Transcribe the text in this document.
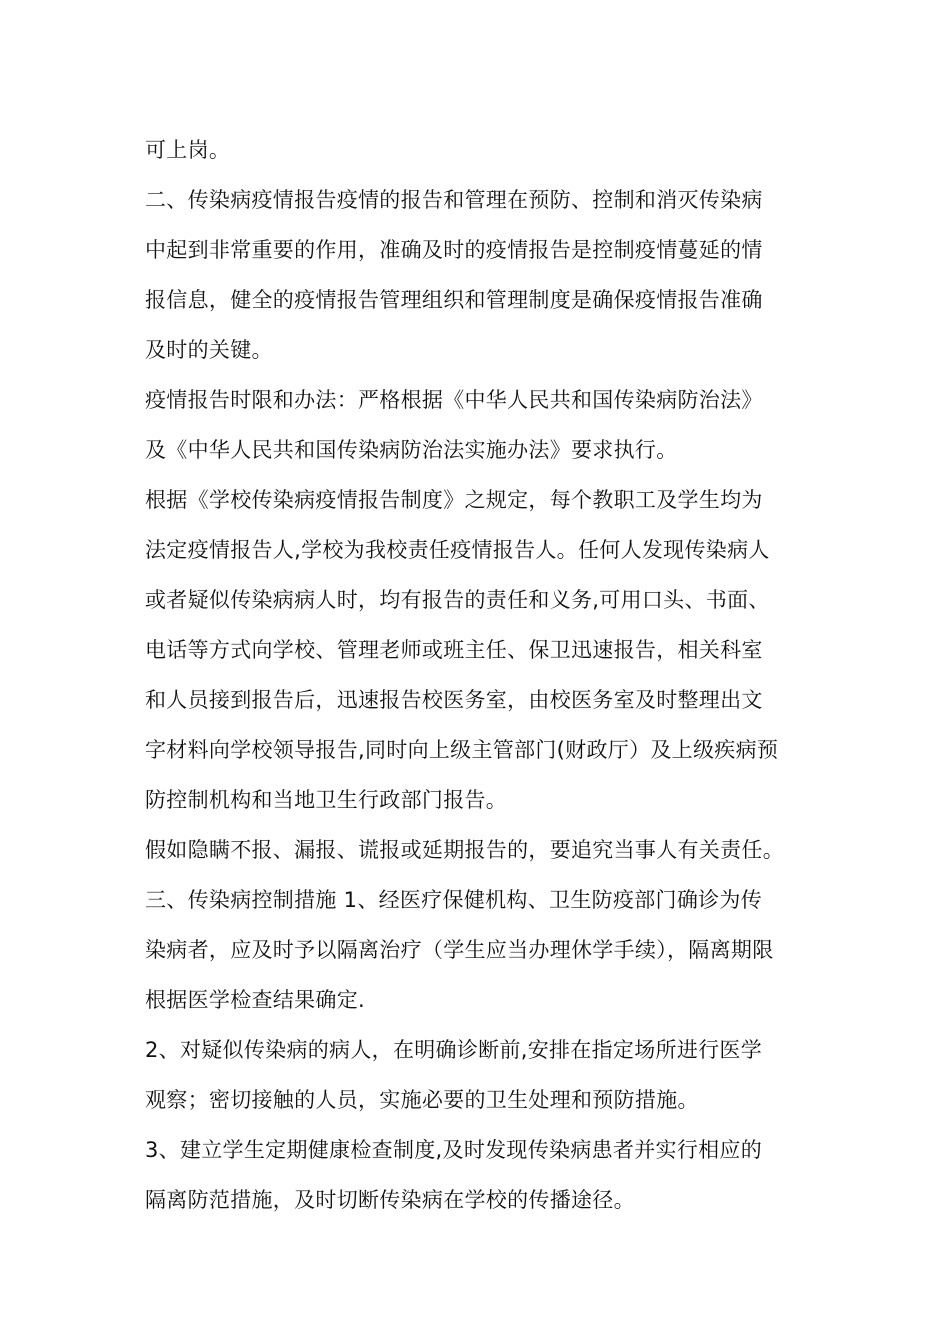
可上岗。
二、传染病疫情报告疫情的报告和管理在预防、控制和消灭传染病
中起到非常重要的作用，准确及时的疫情报告是控制疫情蔓延的情
报信息，健全的疫情报告管理组织和管理制度是确保疫情报告准确
及时的关键。
疫情报告时限和办法：严格根据《中华人民共和国传染病防治法》
及《中华人民共和国传染病防治法实施办法》要求执行。
根据《学校传染病疫情报告制度》之规定，每个教职工及学生均为
法定疫情报告人,学校为我校责任疫情报告人。任何人发现传染病人
或者疑似传染病病人时，均有报告的责任和义务,可用口头、书面、
电话等方式向学校、管理老师或班主任、保卫迅速报告，相关科室
和人员接到报告后，迅速报告校医务室，由校医务室及时整理出文
字材料向学校领导报告,同时向上级主管部门(财政厅）及上级疾病预
防控制机构和当地卫生行政部门报告。
假如隐瞒不报、漏报、谎报或延期报告的，要追究当事人有关责任。
三、传染病控制措施 1、经医疗保健机构、卫生防疫部门确诊为传
染病者，应及时予以隔离治疗（学生应当办理休学手续），隔离期限
根据医学检查结果确定.
2、对疑似传染病的病人，在明确诊断前,安排在指定场所进行医学
观察；密切接触的人员，实施必要的卫生处理和预防措施。
3、建立学生定期健康检查制度,及时发现传染病患者并实行相应的
隔离防范措施，及时切断传染病在学校的传播途径。
